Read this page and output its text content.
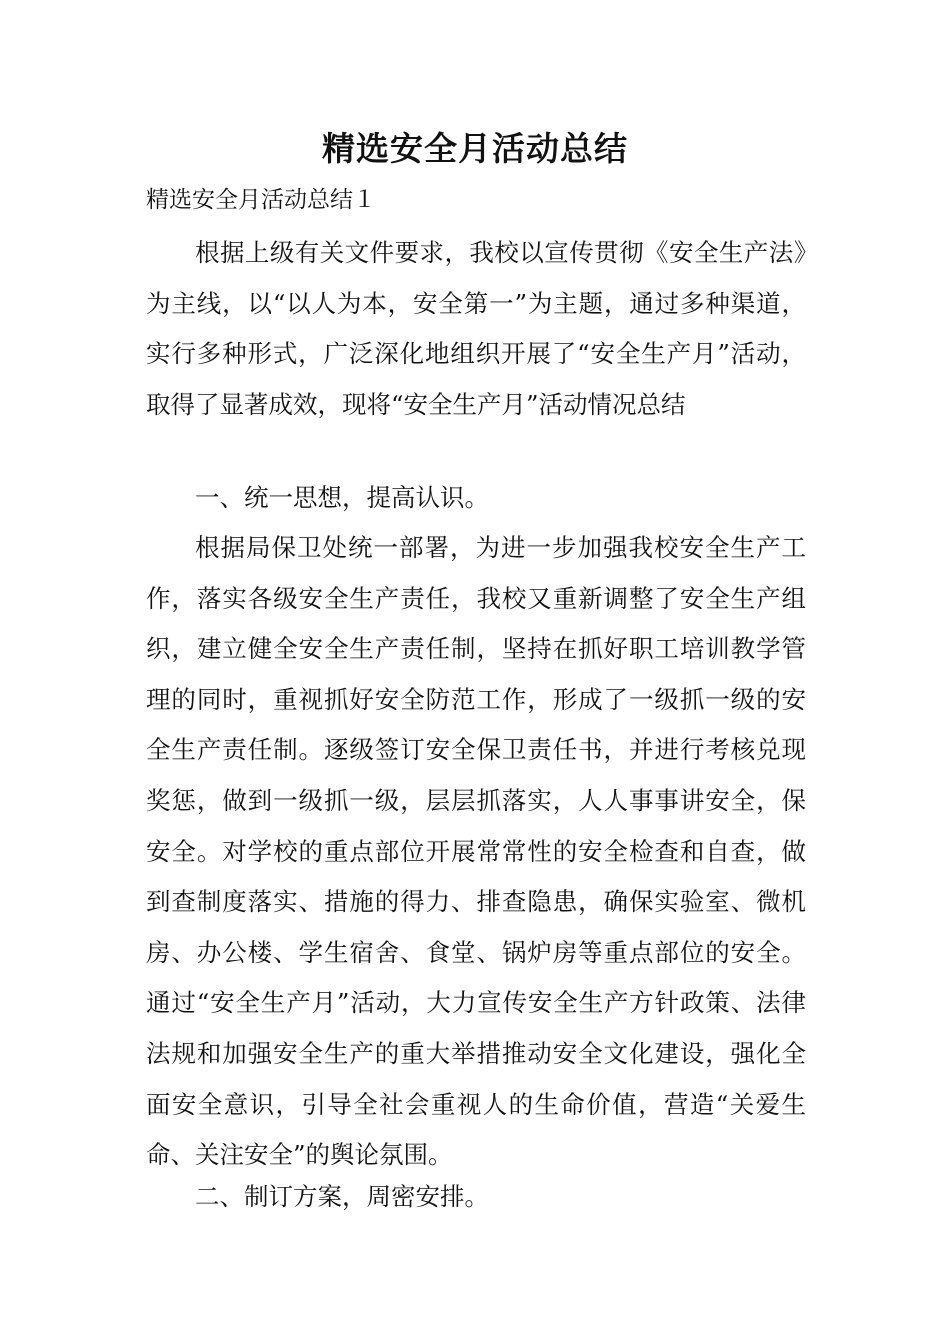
精选安全月活动总结
精选安全月活动总结１

根据上级有关文件要求，我校以宣传贯彻《安全生产法》为主线，以“以人为本，安全第一”为主题，通过多种渠道，实行多种形式，广泛深化地组织开展了“安全生产月”活动，取得了显著成效，现将“安全生产月”活动情况总结

一、统一思想，提高认识。

根据局保卫处统一部署，为进一步加强我校安全生产工作，落实各级安全生产责任，我校又重新调整了安全生产组织，建立健全安全生产责任制，坚持在抓好职工培训教学管理的同时，重视抓好安全防范工作，形成了一级抓一级的安全生产责任制。逐级签订安全保卫责任书，并进行考核兑现奖惩，做到一级抓一级，层层抓落实，人人事事讲安全，保安全。对学校的重点部位开展常常性的安全检查和自查，做到查制度落实、措施的得力、排查隐患，确保实验室、微机房、办公楼、学生宿舍、食堂、锅炉房等重点部位的安全。通过“安全生产月”活动，大力宣传安全生产方针政策、法律法规和加强安全生产的重大举措推动安全文化建设，强化全面安全意识，引导全社会重视人的生命价值，营造“关爱生命、关注安全”的舆论氛围。

二、制订方案，周密安排。
